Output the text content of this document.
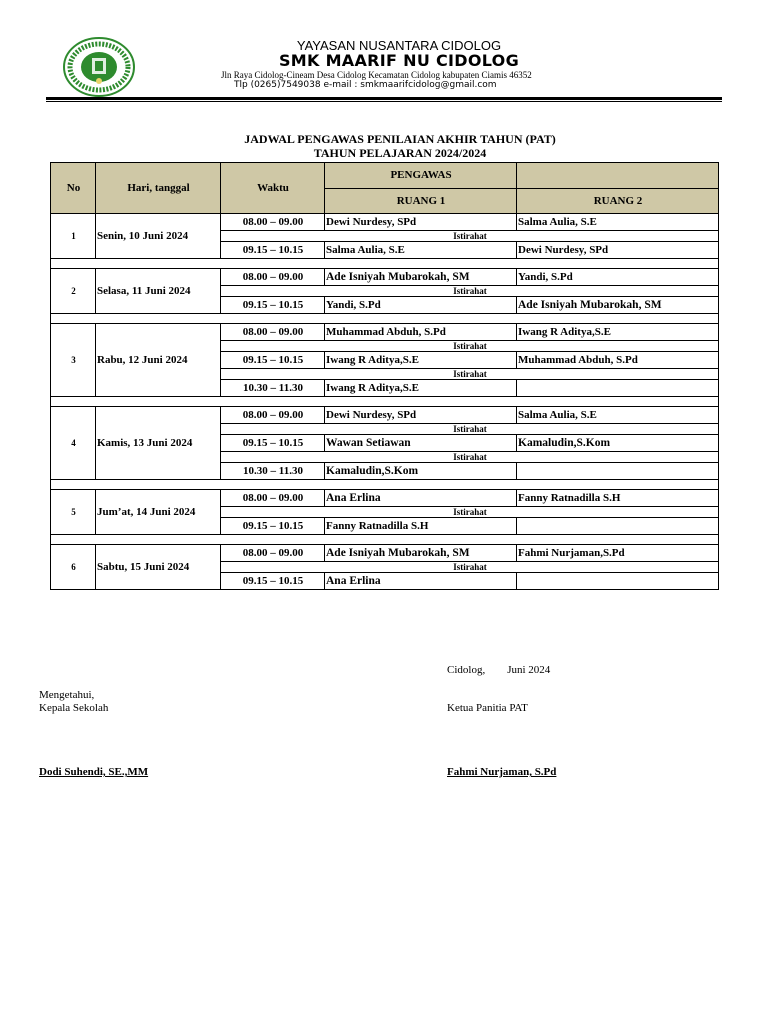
YAYASAN NUSANTARA CIDOLOG
SMK MAARIF NU CIDOLOG
Jln Raya Cidolog-Cineam Desa Cidolog Kecamatan Cidolog kabupaten Ciamis 46352
Tlp (0265)7549038 e-mail : smkmaarifcidolog@gmail.com
JADWAL PENGAWAS PENILAIAN AKHIR TAHUN (PAT)
TAHUN PELAJARAN 2024/2024
No	Hari, tanggal	Waktu	PENGAWAS	
			RUANG 1	RUANG 2
1	Senin, 10 Juni 2024	08.00 – 09.00	Dewi Nurdesy, SPd	Salma Aulia, S.E
		Istirahat		
		09.15 – 10.15	Salma Aulia, S.E	Dewi Nurdesy, SPd

2	Selasa, 11 Juni 2024	08.00 – 09.00	Ade Isniyah Mubarokah, SM	Yandi, S.Pd
		Istirahat		
		09.15 – 10.15	Yandi, S.Pd	Ade Isniyah Mubarokah, SM

3	Rabu, 12 Juni 2024	08.00 – 09.00	Muhammad Abduh, S.Pd	Iwang R Aditya,S.E
		Istirahat		
		09.15 – 10.15	Iwang R Aditya,S.E	Muhammad Abduh, S.Pd
		Istirahat		
		10.30 – 11.30	Iwang R Aditya,S.E	

4	Kamis, 13 Juni 2024	08.00 – 09.00	Dewi Nurdesy, SPd	Salma Aulia, S.E
		Istirahat		
		09.15 – 10.15	Wawan Setiawan	Kamaludin,S.Kom
		Istirahat		
		10.30 – 11.30	Kamaludin,S.Kom	

5	Jum’at, 14 Juni 2024	08.00 – 09.00	Ana Erlina	Fanny Ratnadilla S.H
		Istirahat		
		09.15 – 10.15	Fanny Ratnadilla S.H	

6	Sabtu, 15 Juni 2024	08.00 – 09.00	Ade Isniyah Mubarokah, SM	Fahmi Nurjaman,S.Pd
		Istirahat		
		09.15 – 10.15	Ana Erlina	
Cidolog,        Juni 2024
Mengetahui,
Kepala Sekolah	Ketua Panitia PAT
Dodi Suhendi, SE.,MM	Fahmi Nurjaman, S.Pd
